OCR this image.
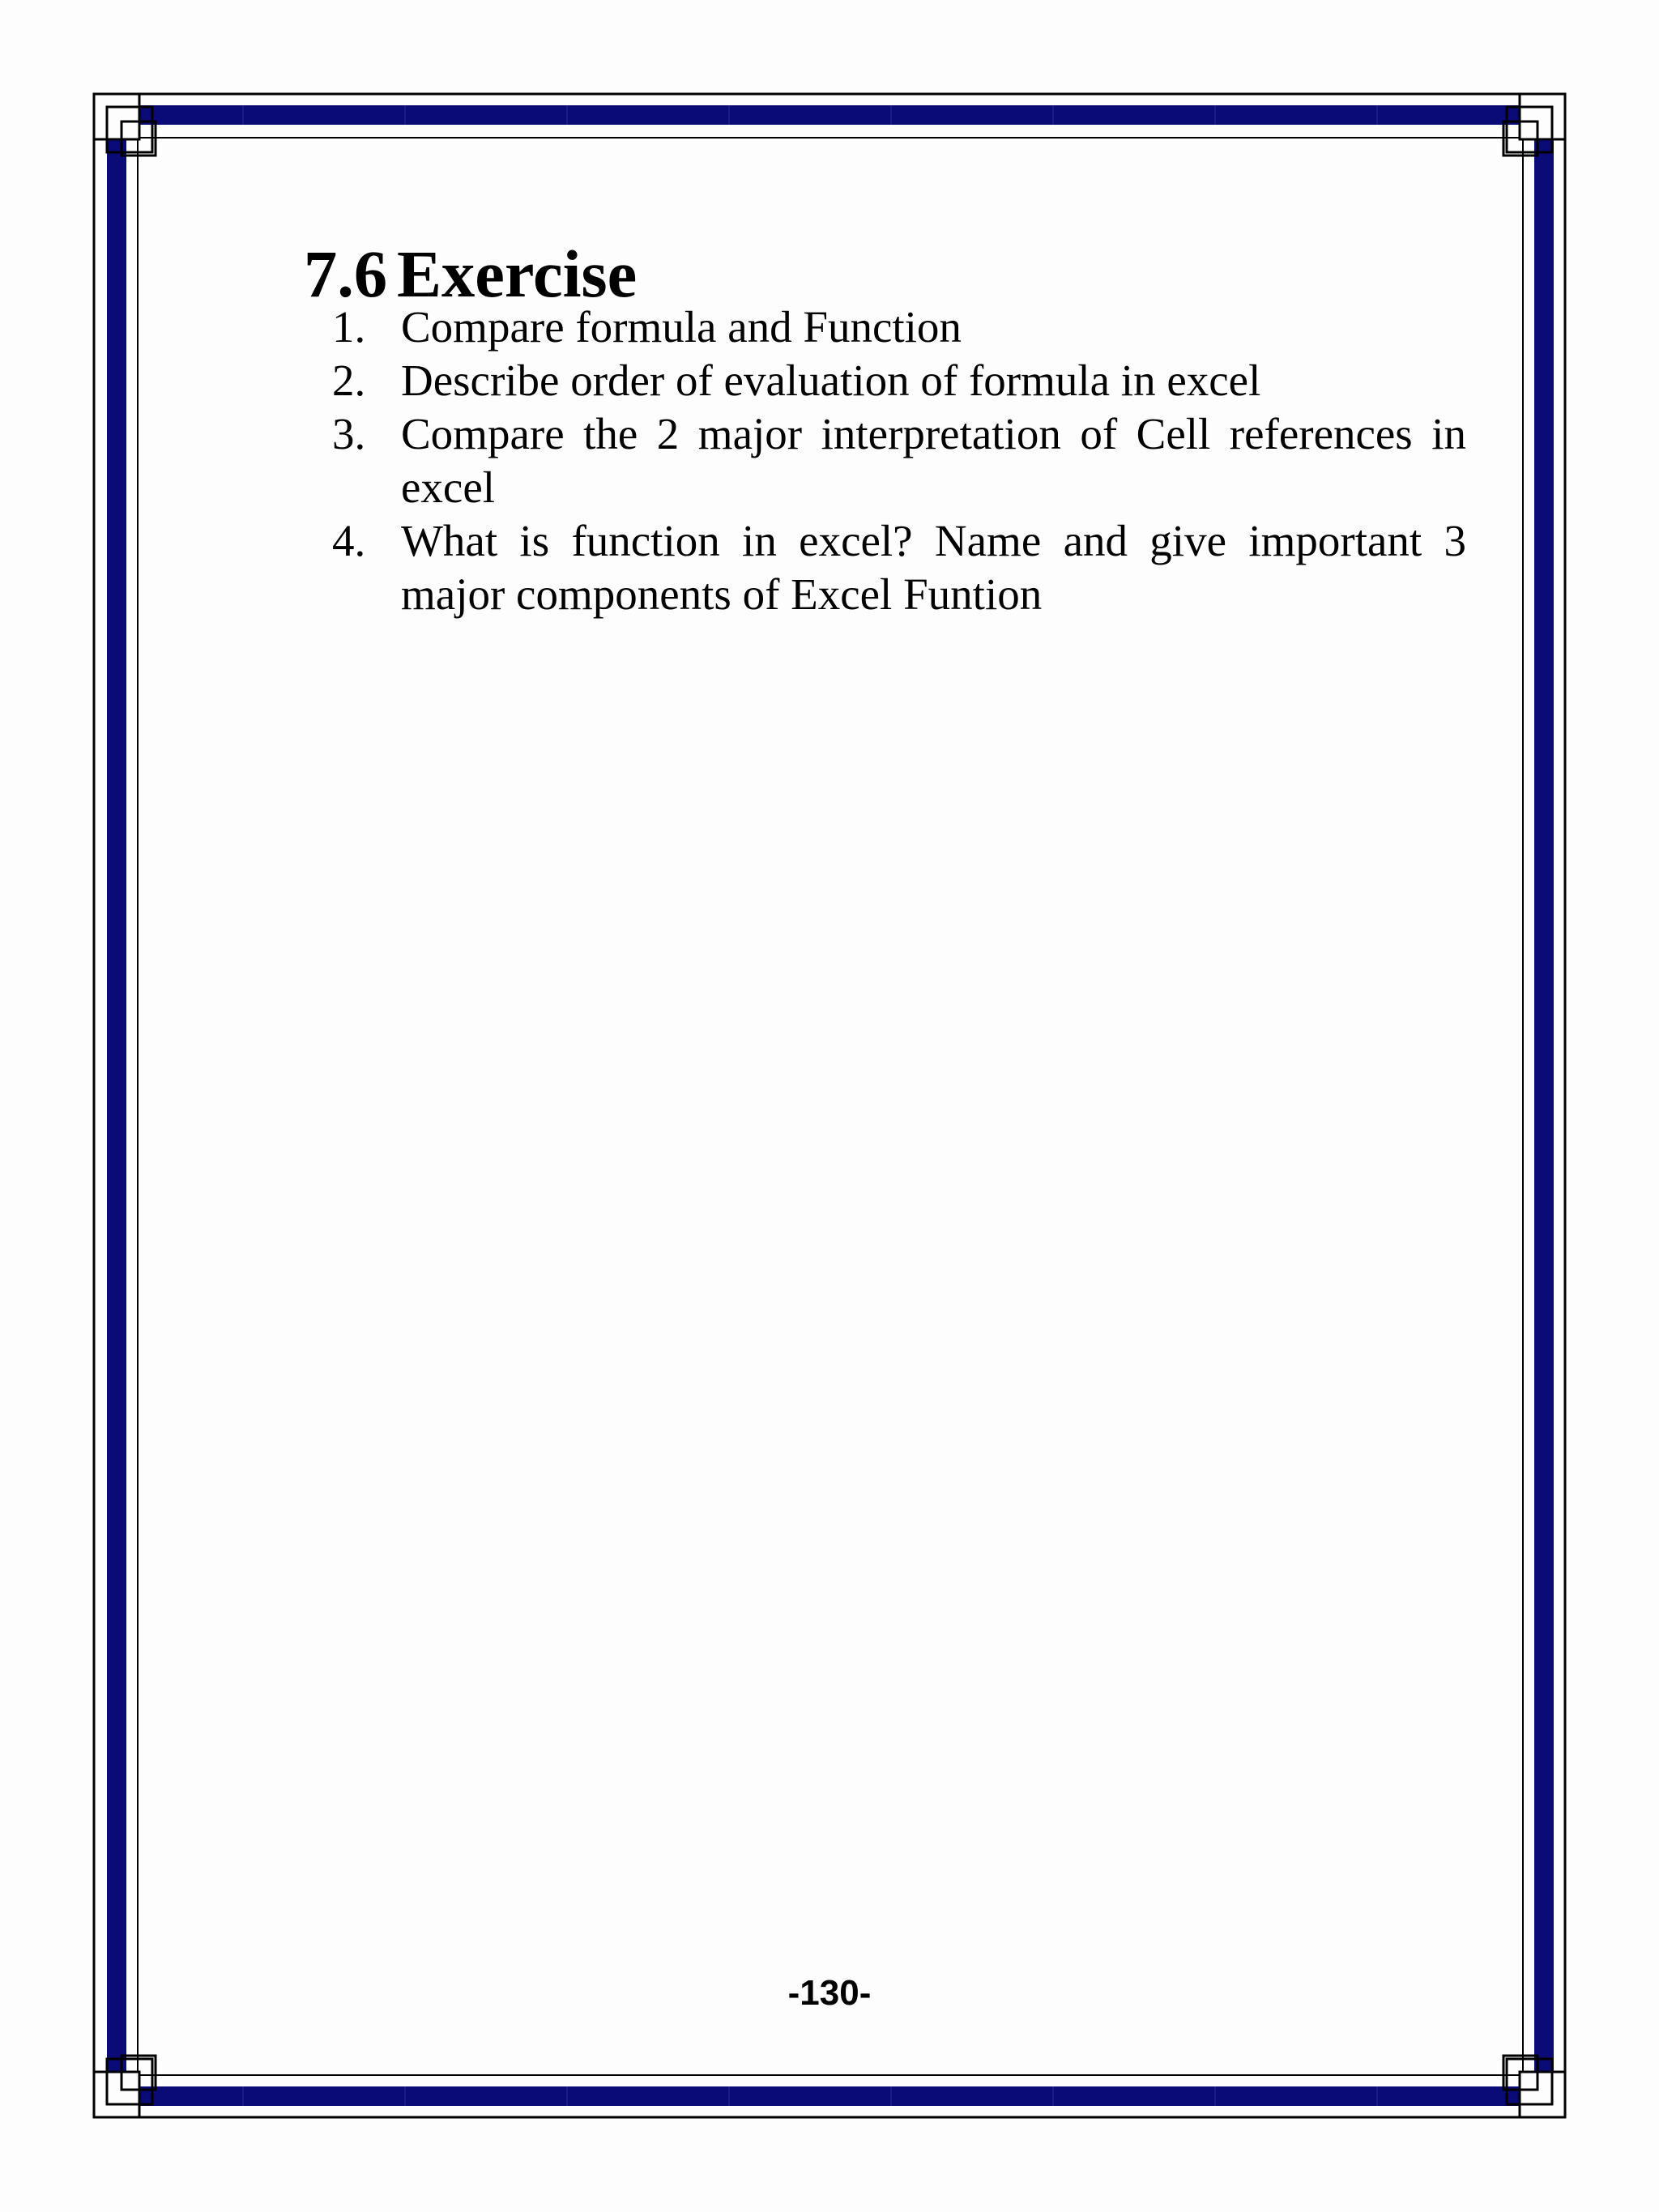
7.6 Exercise
1. Compare formula and Function
2. Describe order of evaluation of formula in excel
3. Compare the 2 major interpretation of Cell references in excel
4. What is function in excel? Name and give important 3 major components of Excel Funtion
-130-
